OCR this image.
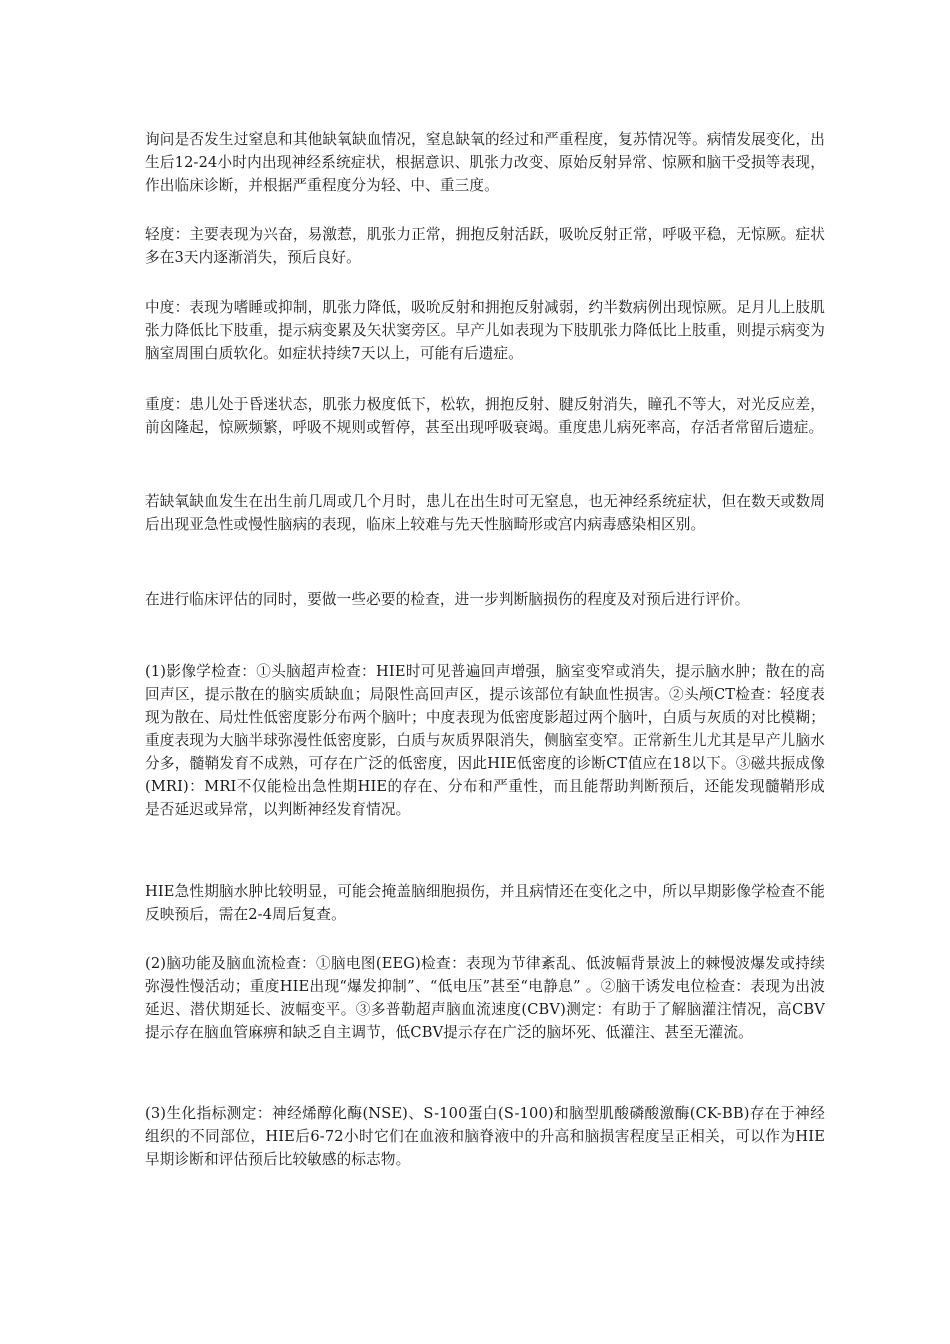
询问是否发生过窒息和其他缺氧缺血情况，窒息缺氧的经过和严重程度，复苏情况等。病情发展变化，出生后12-24小时内出现神经系统症状，根据意识、肌张力改变、原始反射异常、惊厥和脑干受损等表现，作出临床诊断，并根据严重程度分为轻、中、重三度。

轻度：主要表现为兴奋，易激惹，肌张力正常，拥抱反射活跃，吸吮反射正常，呼吸平稳，无惊厥。症状多在3天内逐渐消失，预后良好。

中度：表现为嗜睡或抑制，肌张力降低，吸吮反射和拥抱反射减弱，约半数病例出现惊厥。足月儿上肢肌张力降低比下肢重，提示病变累及矢状窦旁区。早产儿如表现为下肢肌张力降低比上肢重，则提示病变为脑室周围白质软化。如症状持续7天以上，可能有后遗症。

重度：患儿处于昏迷状态，肌张力极度低下，松软，拥抱反射、腱反射消失，瞳孔不等大，对光反应差，前囟隆起，惊厥频繁，呼吸不规则或暂停，甚至出现呼吸衰竭。重度患儿病死率高，存活者常留后遗症。

若缺氧缺血发生在出生前几周或几个月时，患儿在出生时可无窒息，也无神经系统症状，但在数天或数周后出现亚急性或慢性脑病的表现，临床上较难与先天性脑畸形或宫内病毒感染相区别。

在进行临床评估的同时，要做一些必要的检查，进一步判断脑损伤的程度及对预后进行评价。

(1)影像学检查：①头脑超声检查：HIE时可见普遍回声增强，脑室变窄或消失，提示脑水肿；散在的高回声区，提示散在的脑实质缺血；局限性高回声区，提示该部位有缺血性损害。②头颅CT检查：轻度表现为散在、局灶性低密度影分布两个脑叶；中度表现为低密度影超过两个脑叶，白质与灰质的对比模糊；重度表现为大脑半球弥漫性低密度影，白质与灰质界限消失，侧脑室变窄。正常新生儿尤其是早产儿脑水分多，髓鞘发育不成熟，可存在广泛的低密度，因此HIE低密度的诊断CT值应在18以下。③磁共振成像(MRI)：MRI不仅能检出急性期HIE的存在、分布和严重性，而且能帮助判断预后，还能发现髓鞘形成是否延迟或异常，以判断神经发育情况。

HIE急性期脑水肿比较明显，可能会掩盖脑细胞损伤，并且病情还在变化之中，所以早期影像学检查不能反映预后，需在2-4周后复查。

(2)脑功能及脑血流检查：①脑电图(EEG)检查：表现为节律紊乱、低波幅背景波上的棘慢波爆发或持续弥漫性慢活动；重度HIE出现“爆发抑制”、“低电压”甚至“电静息” 。②脑干诱发电位检查：表现为出波延迟、潜伏期延长、波幅变平。③多普勒超声脑血流速度(CBV)测定：有助于了解脑灌注情况，高CBV提示存在脑血管麻痹和缺乏自主调节，低CBV提示存在广泛的脑坏死、低灌注、甚至无灌流。

(3)生化指标测定：神经烯醇化酶(NSE)、S-100蛋白(S-100)和脑型肌酸磷酸激酶(CK-BB)存在于神经组织的不同部位，HIE后6-72小时它们在血液和脑脊液中的升高和脑损害程度呈正相关，可以作为HIE早期诊断和评估预后比较敏感的标志物。
